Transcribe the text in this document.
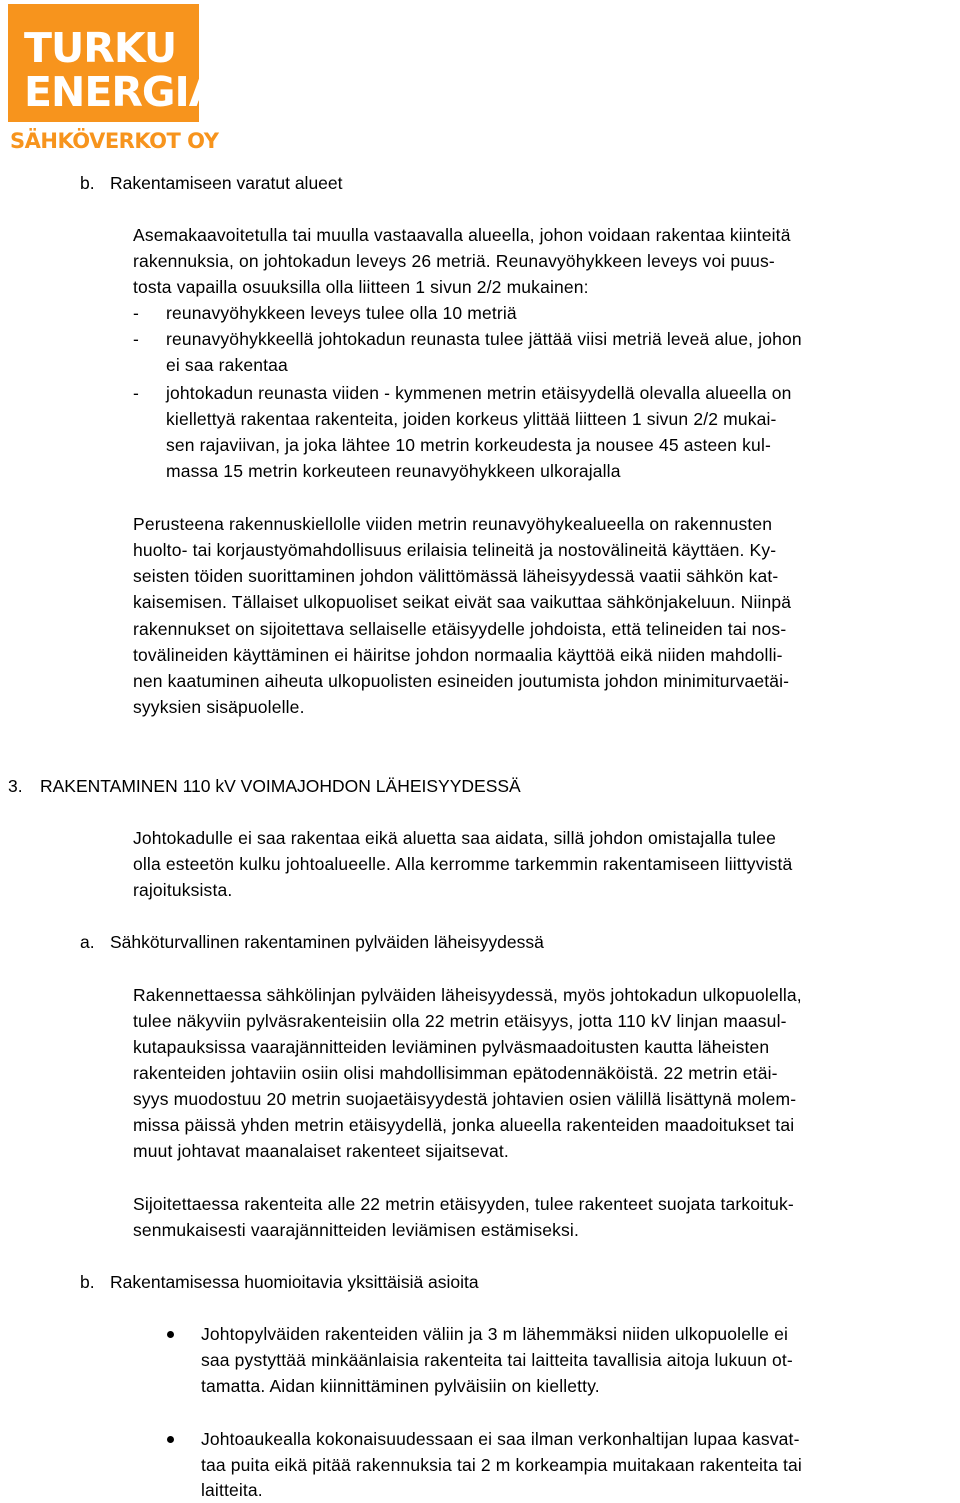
TURKU
ENERGIA
SÄHKÖVERKOT OY
b. Rakentamiseen varatut alueet
Asemakaavoitetulla tai muulla vastaavalla alueella, johon voidaan rakentaa kiinteitä
rakennuksia, on johtokadun leveys 26 metriä. Reunavyöhykkeen leveys voi puus-
tosta vapailla osuuksilla olla liitteen 1 sivun 2/2 mukainen:
- reunavyöhykkeen leveys tulee olla 10 metriä
- reunavyöhykkeellä johtokadun reunasta tulee jättää viisi metriä leveä alue, johon
ei saa rakentaa
- johtokadun reunasta viiden - kymmenen metrin etäisyydellä olevalla alueella on
kiellettyä rakentaa rakenteita, joiden korkeus ylittää liitteen 1 sivun 2/2 mukai-
sen rajaviivan, ja joka lähtee 10 metrin korkeudesta ja nousee 45 asteen kul-
massa 15 metrin korkeuteen reunavyöhykkeen ulkorajalla
Perusteena rakennuskiellolle viiden metrin reunavyöhykealueella on rakennusten
huolto- tai korjaustyömahdollisuus erilaisia telineitä ja nostovälineitä käyttäen. Ky-
seisten töiden suorittaminen johdon välittömässä läheisyydessä vaatii sähkön kat-
kaisemisen. Tällaiset ulkopuoliset seikat eivät saa vaikuttaa sähkönjakeluun. Niinpä
rakennukset on sijoitettava sellaiselle etäisyydelle johdoista, että telineiden tai nos-
tovälineiden käyttäminen ei häiritse johdon normaalia käyttöä eikä niiden mahdolli-
nen kaatuminen aiheuta ulkopuolisten esineiden joutumista johdon minimiturvaetäi-
syyksien sisäpuolelle.
3. RAKENTAMINEN 110 kV VOIMAJOHDON LÄHEISYYDESSÄ
Johtokadulle ei saa rakentaa eikä aluetta saa aidata, sillä johdon omistajalla tulee
olla esteetön kulku johtoalueelle. Alla kerromme tarkemmin rakentamiseen liittyvistä
rajoituksista.
a. Sähköturvallinen rakentaminen pylväiden läheisyydessä
Rakennettaessa sähkölinjan pylväiden läheisyydessä, myös johtokadun ulkopuolella,
tulee näkyviin pylväsrakenteisiin olla 22 metrin etäisyys, jotta 110 kV linjan maasul-
kutapauksissa vaarajännitteiden leviäminen pylväsmaadoitusten kautta läheisten
rakenteiden johtaviin osiin olisi mahdollisimman epätodennäköistä. 22 metrin etäi-
syys muodostuu 20 metrin suojaetäisyydestä johtavien osien välillä lisättynä molem-
missa päissä yhden metrin etäisyydellä, jonka alueella rakenteiden maadoitukset tai
muut johtavat maanalaiset rakenteet sijaitsevat.
Sijoitettaessa rakenteita alle 22 metrin etäisyyden, tulee rakenteet suojata tarkoituk-
senmukaisesti vaarajännitteiden leviämisen estämiseksi.
b. Rakentamisessa huomioitavia yksittäisiä asioita
Johtopylväiden rakenteiden väliin ja 3 m lähemmäksi niiden ulkopuolelle ei
saa pystyttää minkäänlaisia rakenteita tai laitteita tavallisia aitoja lukuun ot-
tamatta. Aidan kiinnittäminen pylväisiin on kielletty.
Johtoaukealla kokonaisuudessaan ei saa ilman verkonhaltijan lupaa kasvat-
taa puita eikä pitää rakennuksia tai 2 m korkeampia muitakaan rakenteita tai
laitteita.
